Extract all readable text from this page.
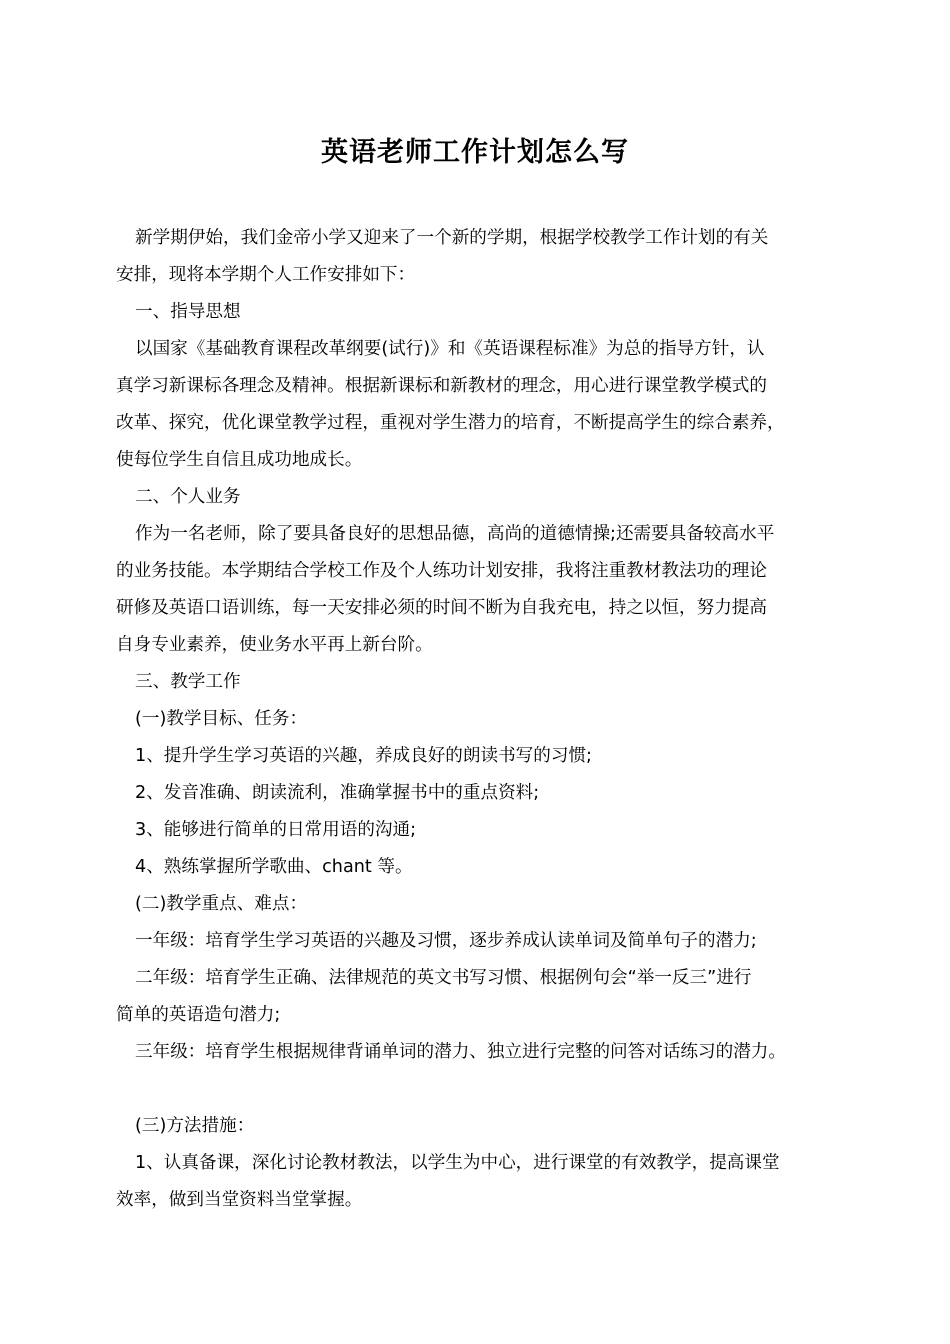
英语老师工作计划怎么写
新学期伊始，我们金帝小学又迎来了一个新的学期，根据学校教学工作计划的有关
安排，现将本学期个人工作安排如下：
一、指导思想
以国家《基础教育课程改革纲要(试行)》和《英语课程标准》为总的指导方针，认
真学习新课标各理念及精神。根据新课标和新教材的理念，用心进行课堂教学模式的
改革、探究，优化课堂教学过程，重视对学生潜力的培育，不断提高学生的综合素养，
使每位学生自信且成功地成长。
二、个人业务
作为一名老师，除了要具备良好的思想品德，高尚的道德情操;还需要具备较高水平
的业务技能。本学期结合学校工作及个人练功计划安排，我将注重教材教法功的理论
研修及英语口语训练，每一天安排必须的时间不断为自我充电，持之以恒，努力提高
自身专业素养，使业务水平再上新台阶。
三、教学工作
(一)教学目标、任务：
1、提升学生学习英语的兴趣，养成良好的朗读书写的习惯;
2、发音准确、朗读流利，准确掌握书中的重点资料;
3、能够进行简单的日常用语的沟通;
4、熟练掌握所学歌曲、chant 等。
(二)教学重点、难点：
一年级：培育学生学习英语的兴趣及习惯，逐步养成认读单词及简单句子的潜力;
二年级：培育学生正确、法律规范的英文书写习惯、根据例句会“举一反三”进行
简单的英语造句潜力;
三年级：培育学生根据规律背诵单词的潜力、独立进行完整的问答对话练习的潜力。
(三)方法措施：
1、认真备课，深化讨论教材教法，以学生为中心，进行课堂的有效教学，提高课堂
效率，做到当堂资料当堂掌握。
